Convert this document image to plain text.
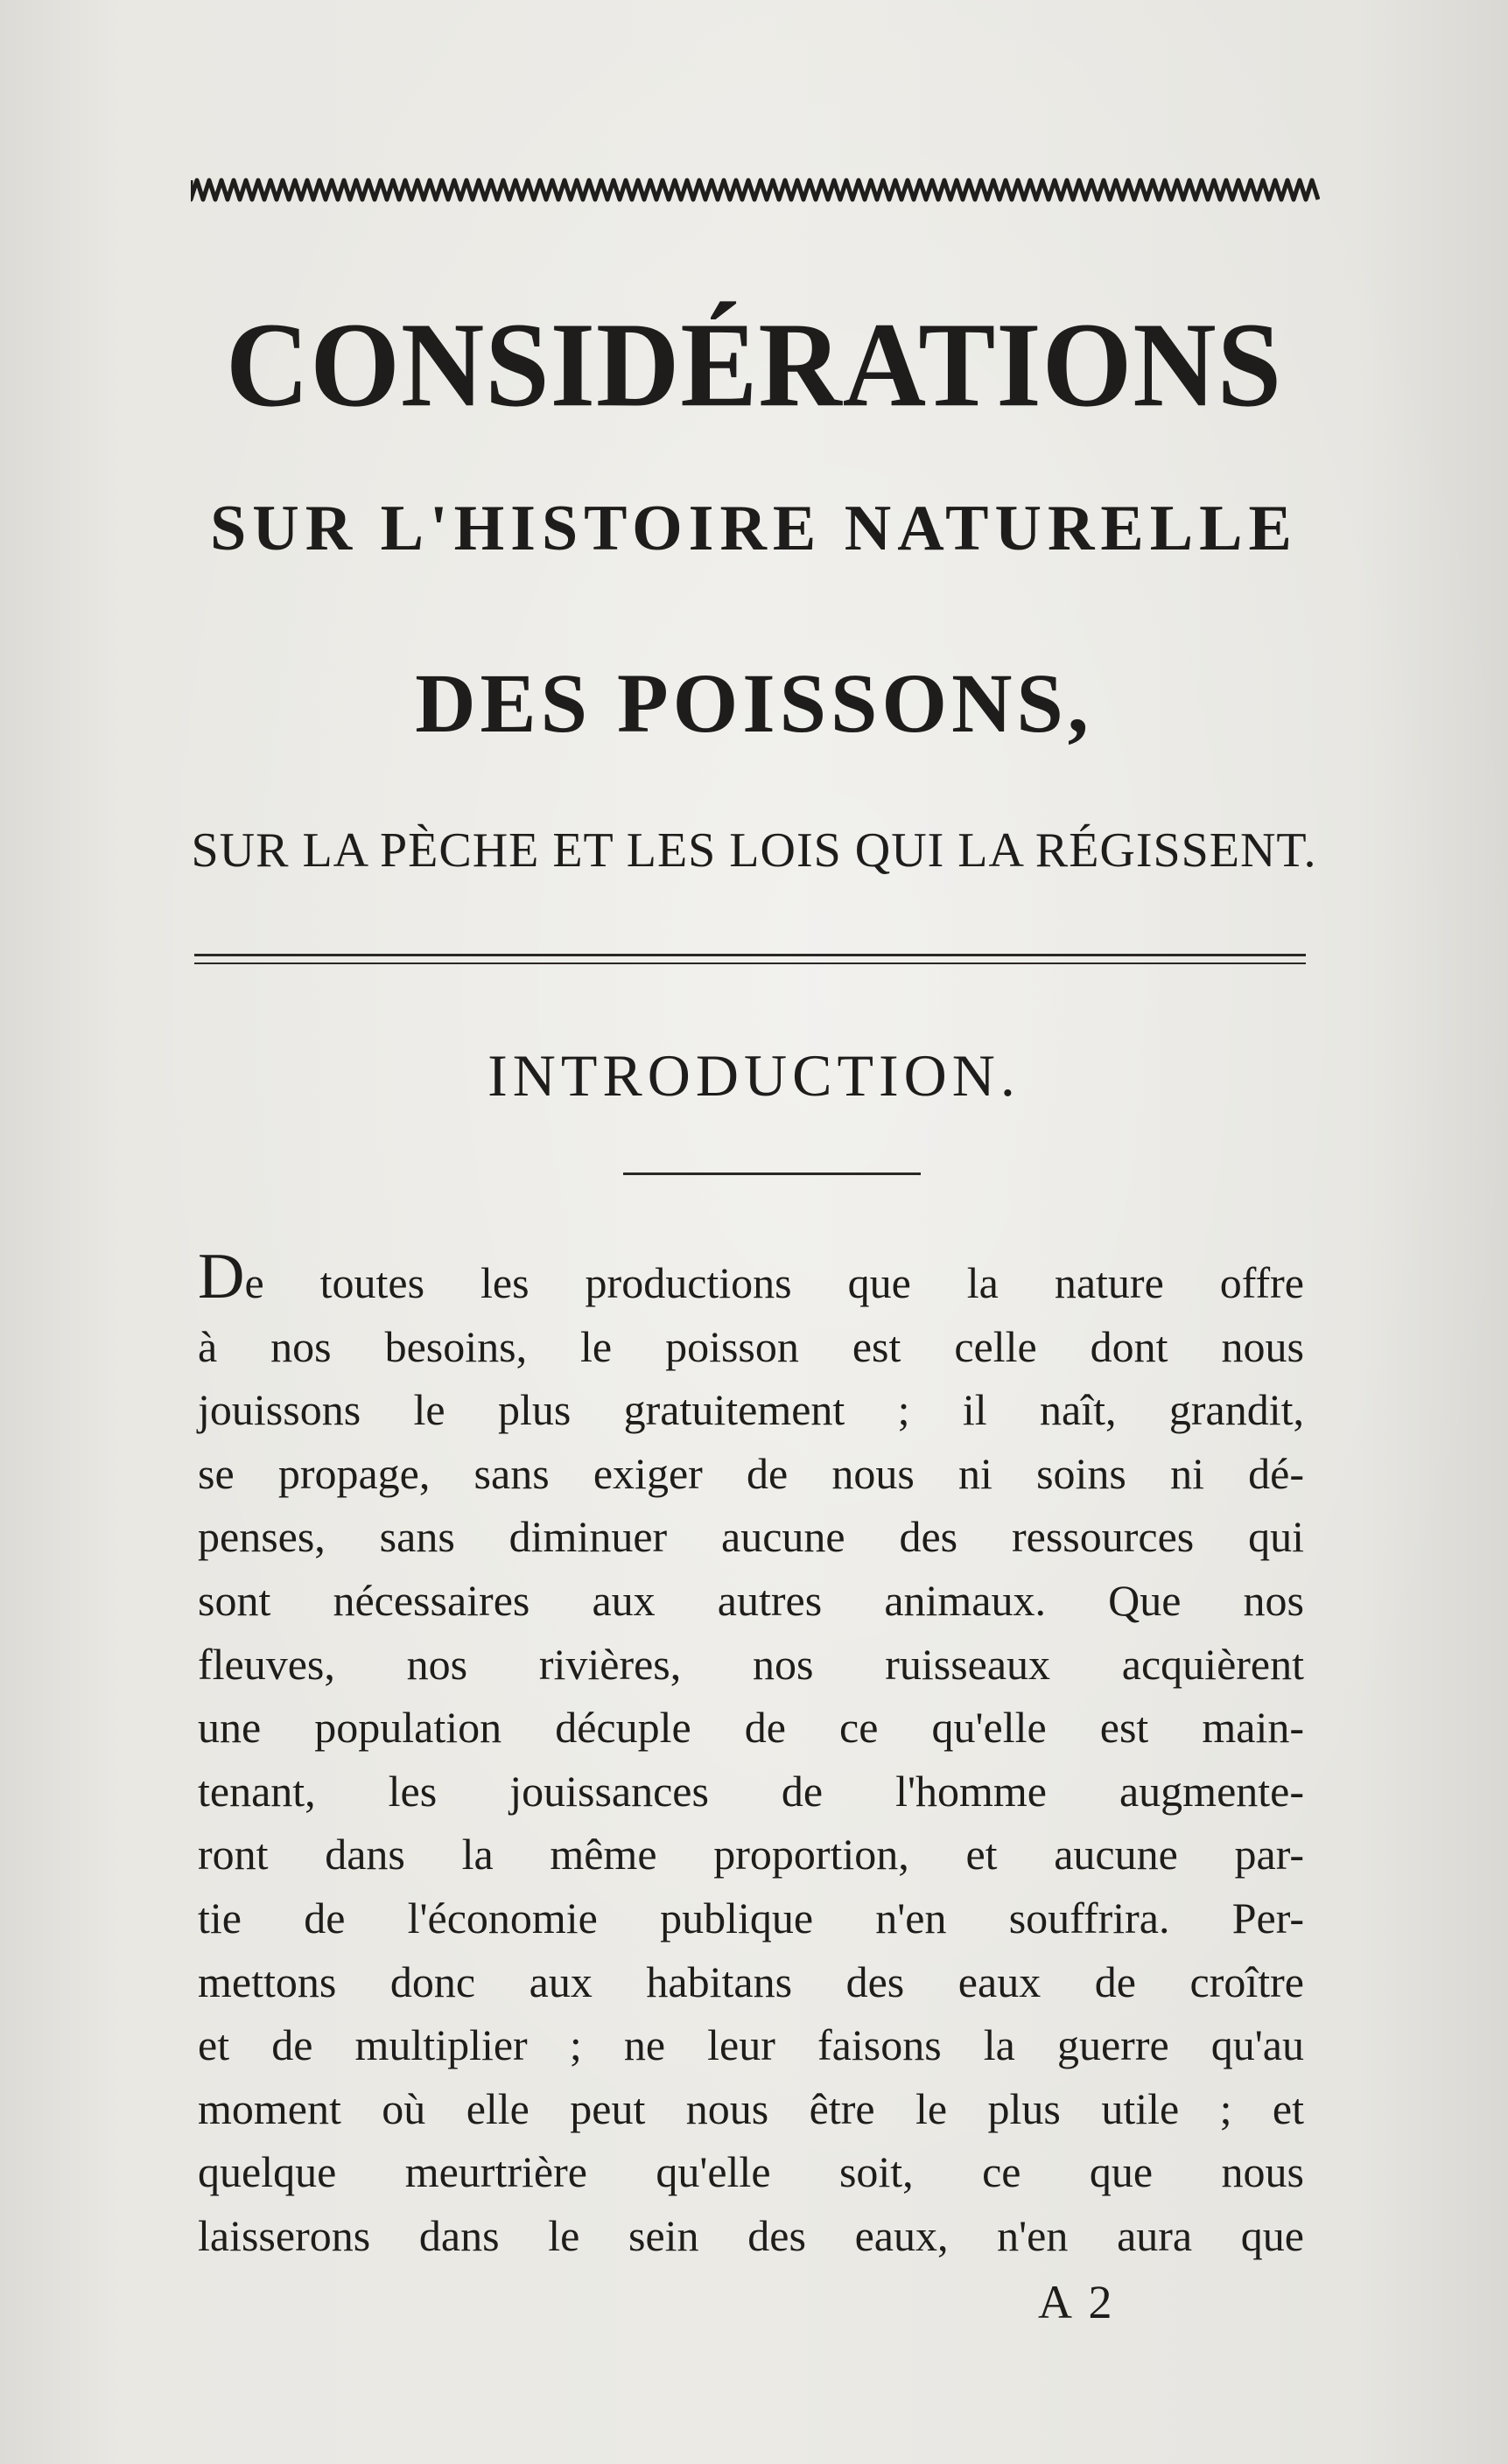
CONSIDÉRATIONS
SUR L'HISTOIRE NATURELLE
DES POISSONS,
SUR LA PÈCHE ET LES LOIS QUI LA RÉGISSENT.
INTRODUCTION.
De toutes les productions que la nature offre
à nos besoins, le poisson est celle dont nous
jouissons le plus gratuitement ; il naît, grandit,
se propage, sans exiger de nous ni soins ni dé-
penses, sans diminuer aucune des ressources qui
sont nécessaires aux autres animaux. Que nos
fleuves, nos rivières, nos ruisseaux acquièrent
une population décuple de ce qu'elle est main-
tenant, les jouissances de l'homme augmente-
ront dans la même proportion, et aucune par-
tie de l'économie publique n'en souffrira. Per-
mettons donc aux habitans des eaux de croître
et de multiplier ; ne leur faisons la guerre qu'au
moment où elle peut nous être le plus utile ; et
quelque meurtrière qu'elle soit, ce que nous
laisserons dans le sein des eaux, n'en aura que
A 2
